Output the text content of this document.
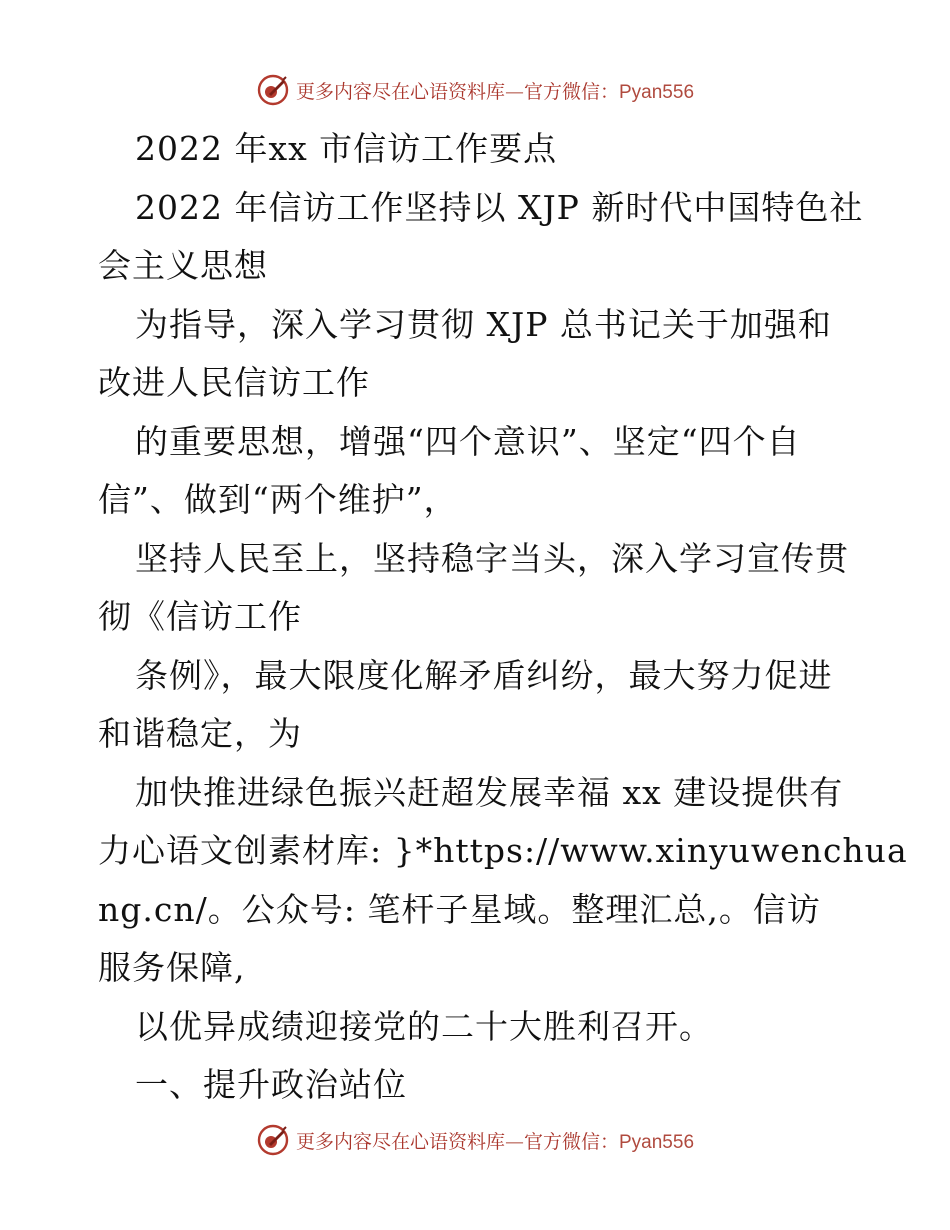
更多内容尽在心语资料库—官方微信：Pyan556
2022 年xx 市信访工作要点
2022 年信访工作坚持以 XJP 新时代中国特色社
会主义思想
为指导，深入学习贯彻 XJP 总书记关于加强和
改进人民信访工作
的重要思想，增强“四个意识”、坚定“四个自
信”、做到“两个维护”，
坚持人民至上，坚持稳字当头，深入学习宣传贯
彻《信访工作
条例》，最大限度化解矛盾纠纷，最大努力促进
和谐稳定，为
加快推进绿色振兴赶超发展幸福 xx 建设提供有
力心语文创素材库: }*https://www.xinyuwenchua
ng.cn/。公众号: 笔杆子星域。整理汇总,。信访
服务保障,
以优异成绩迎接党的二十大胜利召开。
一、提升政治站位
更多内容尽在心语资料库—官方微信：Pyan556
